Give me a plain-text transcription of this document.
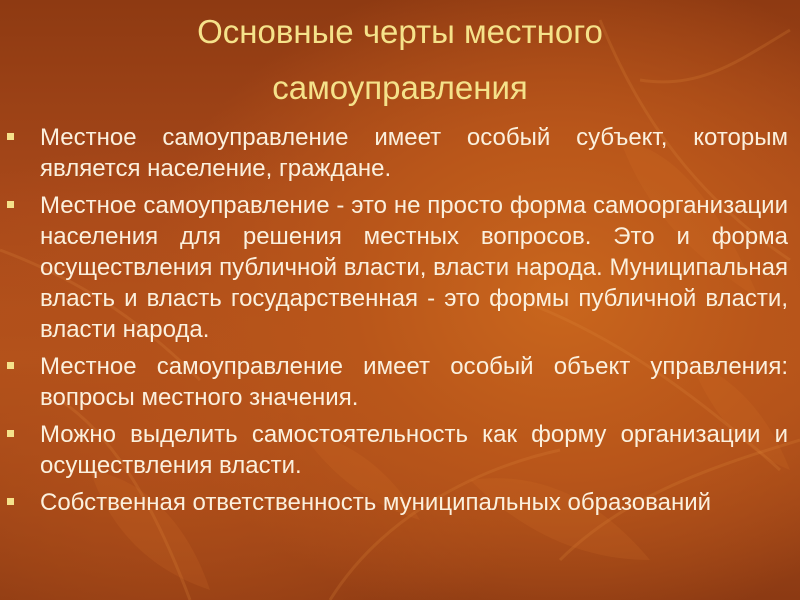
Основные черты местного
самоуправления
Местное самоуправление имеет особый субъект, которым является население, граждане.
Местное самоуправление - это не просто форма самоорганизации населения для решения местных вопросов. Это и форма осуществления публичной власти, власти народа. Муниципальная власть и власть государственная - это формы публичной власти, власти народа.
Местное самоуправление имеет особый объект управления: вопросы местного значения.
Можно выделить самостоятельность как форму организации и осуществления власти.
Собственная ответственность муниципальных образований
